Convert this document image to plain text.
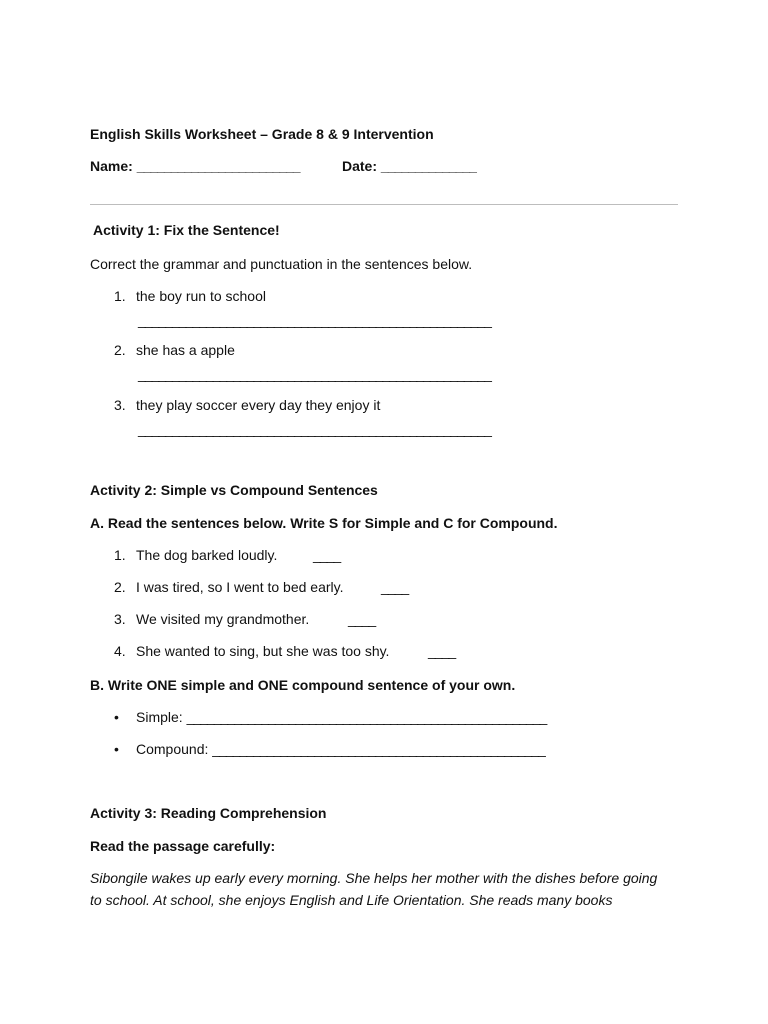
English Skills Worksheet – Grade 8 & 9 Intervention
Name: ________________________	Date: ______________
Activity 1: Fix the Sentence!
Correct the grammar and punctuation in the sentences below.
1. the boy run to school
____________________________________________________
2. she has a apple
____________________________________________________
3. they play soccer every day they enjoy it
____________________________________________________
Activity 2: Simple vs Compound Sentences
A. Read the sentences below. Write S for Simple and C for Compound.
1. The dog barked loudly.	____
2. I was tired, so I went to bed early.	____
3. We visited my grandmother.	____
4. She wanted to sing, but she was too shy.	____
B. Write ONE simple and ONE compound sentence of your own.
• Simple: _____________________________________________________
• Compound: _________________________________________________
Activity 3: Reading Comprehension
Read the passage carefully:
Sibongile wakes up early every morning. She helps her mother with the dishes before going
to school. At school, she enjoys English and Life Orientation. She reads many books
